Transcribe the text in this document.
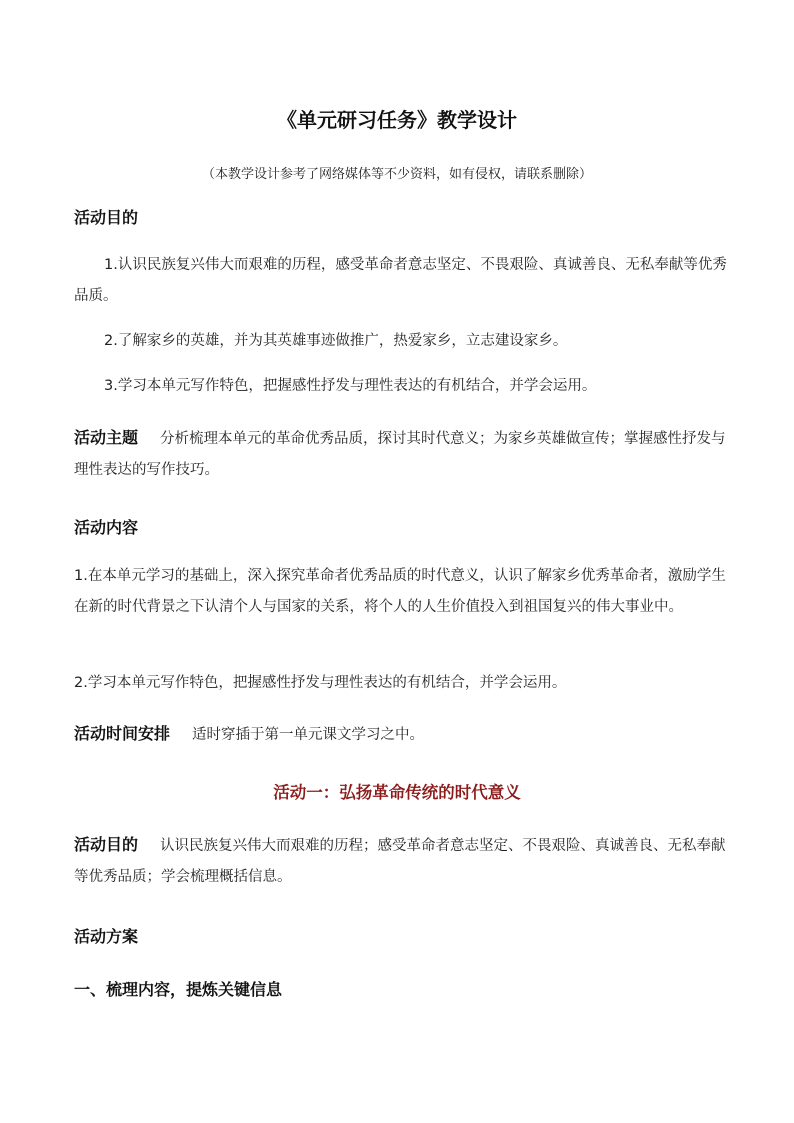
《单元研习任务》教学设计
（本教学设计参考了网络媒体等不少资料，如有侵权，请联系删除）
活动目的
1.认识民族复兴伟大而艰难的历程，感受革命者意志坚定、不畏艰险、真诚善良、无私奉献等优秀品质。
2.了解家乡的英雄，并为其英雄事迹做推广，热爱家乡，立志建设家乡。
3.学习本单元写作特色，把握感性抒发与理性表达的有机结合，并学会运用。
活动主题 分析梳理本单元的革命优秀品质，探讨其时代意义；为家乡英雄做宣传；掌握感性抒发与理性表达的写作技巧。
活动内容
1.在本单元学习的基础上，深入探究革命者优秀品质的时代意义，认识了解家乡优秀革命者，激励学生在新的时代背景之下认清个人与国家的关系，将个人的人生价值投入到祖国复兴的伟大事业中。
2.学习本单元写作特色，把握感性抒发与理性表达的有机结合，并学会运用。
活动时间安排 适时穿插于第一单元课文学习之中。
活动一：弘扬革命传统的时代意义
活动目的 认识民族复兴伟大而艰难的历程；感受革命者意志坚定、不畏艰险、真诚善良、无私奉献等优秀品质；学会梳理概括信息。
活动方案
一、梳理内容，提炼关键信息
